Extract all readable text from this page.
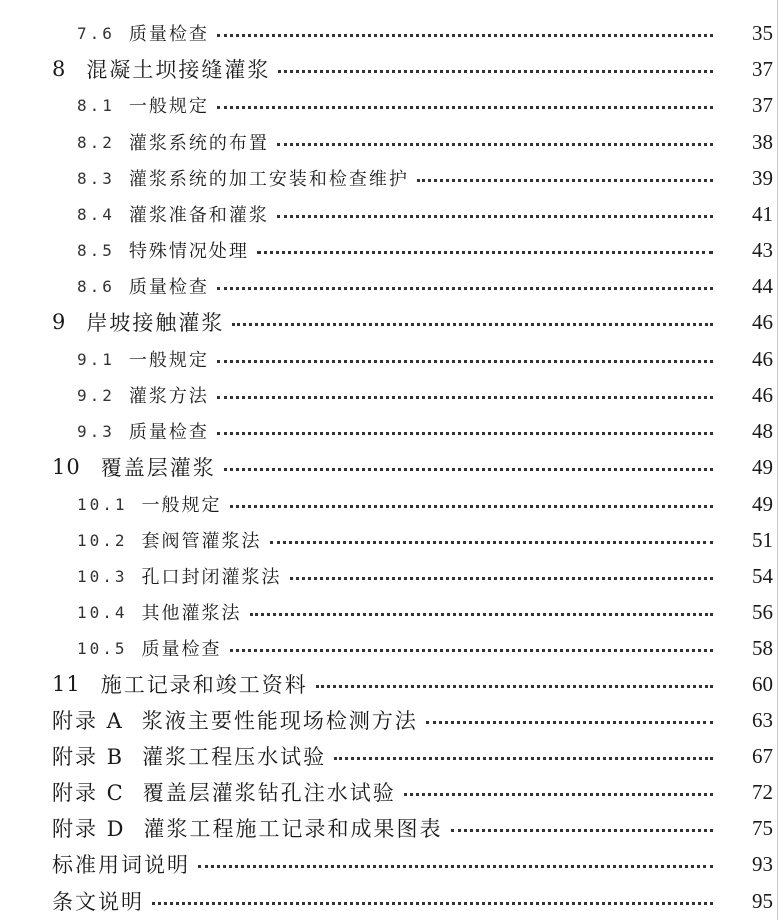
7.6 质量检查	35
8 混凝土坝接缝灌浆	37
8.1 一般规定	37
8.2 灌浆系统的布置	38
8.3 灌浆系统的加工安装和检查维护	39
8.4 灌浆准备和灌浆	41
8.5 特殊情况处理	43
8.6 质量检查	44
9 岸坡接触灌浆	46
9.1 一般规定	46
9.2 灌浆方法	46
9.3 质量检查	48
10 覆盖层灌浆	49
10.1 一般规定	49
10.2 套阀管灌浆法	51
10.3 孔口封闭灌浆法	54
10.4 其他灌浆法	56
10.5 质量检查	58
11 施工记录和竣工资料	60
附录 A 浆液主要性能现场检测方法	63
附录 B 灌浆工程压水试验	67
附录 C 覆盖层灌浆钻孔注水试验	72
附录 D 灌浆工程施工记录和成果图表	75
标准用词说明	93
条文说明	95
